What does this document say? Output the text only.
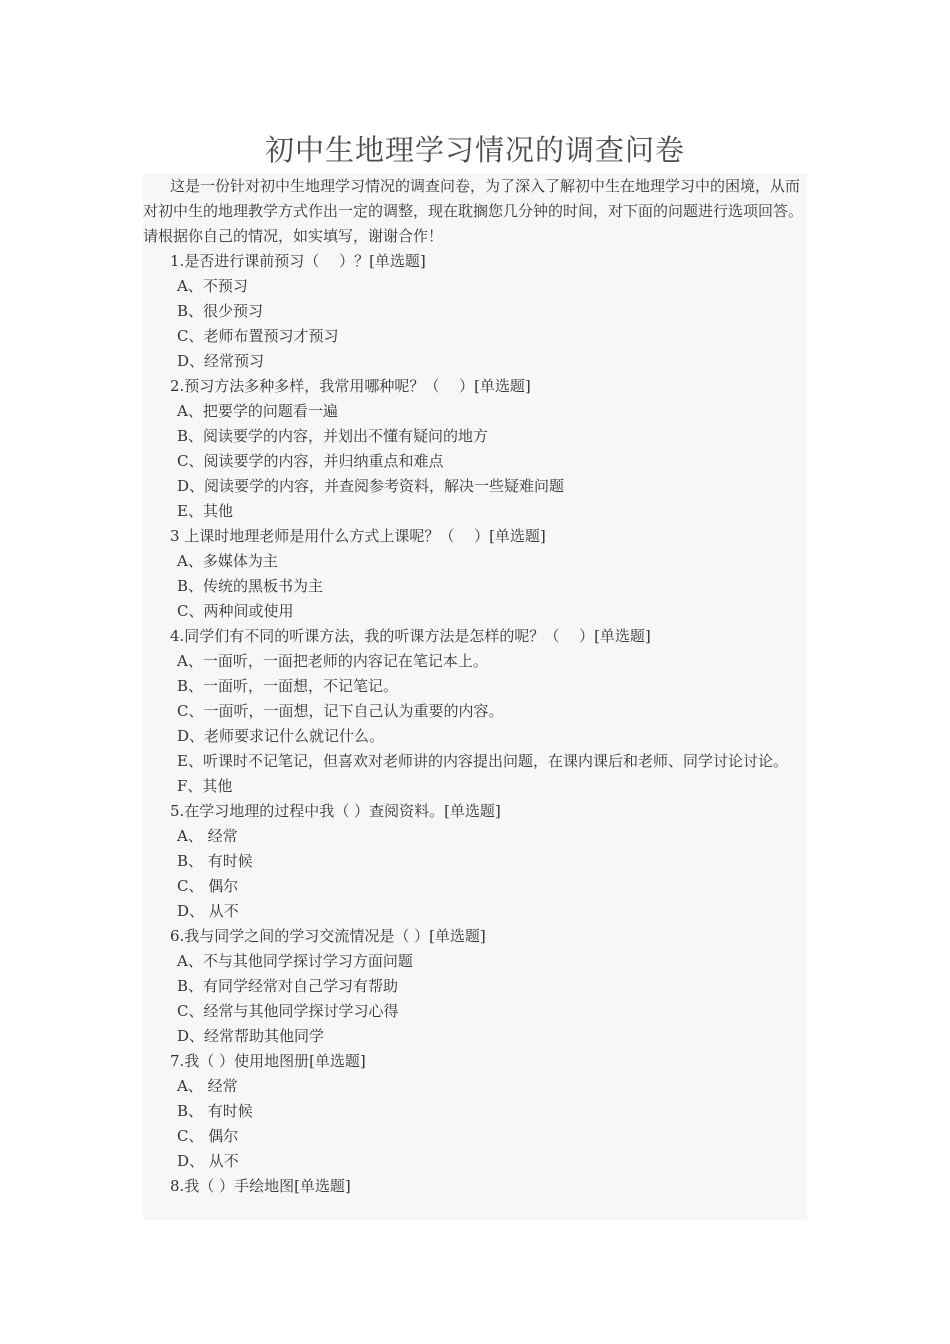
初中生地理学习情况的调查问卷

这是一份针对初中生地理学习情况的调查问卷，为了深入了解初中生在地理学习中的困境，从而对初中生的地理教学方式作出一定的调整，现在耽搁您几分钟的时间，对下面的问题进行选项回答。请根据你自己的情况，如实填写，谢谢合作！

1.是否进行课前预习（　 ）？[单选题]
A、不预习
B、很少预习
C、老师布置预习才预习
D、经常预习
2.预习方法多种多样，我常用哪种呢？（　 ）[单选题]
A、把要学的问题看一遍
B、阅读要学的内容，并划出不懂有疑问的地方
C、阅读要学的内容，并归纳重点和难点
D、阅读要学的内容，并查阅参考资料，解决一些疑难问题
E、其他
3 上课时地理老师是用什么方式上课呢？（　 ）[单选题]
A、多媒体为主
B、传统的黑板书为主
C、两种间或使用
4.同学们有不同的听课方法，我的听课方法是怎样的呢？（　 ）[单选题]
A、一面听，一面把老师的内容记在笔记本上。
B、一面听，一面想，不记笔记。
C、一面听，一面想，记下自己认为重要的内容。
D、老师要求记什么就记什么。
E、听课时不记笔记，但喜欢对老师讲的内容提出问题，在课内课后和老师、同学讨论讨论。
F、其他
5.在学习地理的过程中我（ ）查阅资料。[单选题]
A、 经常
B、 有时候
C、 偶尔
D、 从不
6.我与同学之间的学习交流情况是（ ）[单选题]
A、不与其他同学探讨学习方面问题
B、有同学经常对自己学习有帮助
C、经常与其他同学探讨学习心得
D、经常帮助其他同学
7.我（ ）使用地图册[单选题]
A、 经常
B、 有时候
C、 偶尔
D、 从不
8.我（ ）手绘地图[单选题]
